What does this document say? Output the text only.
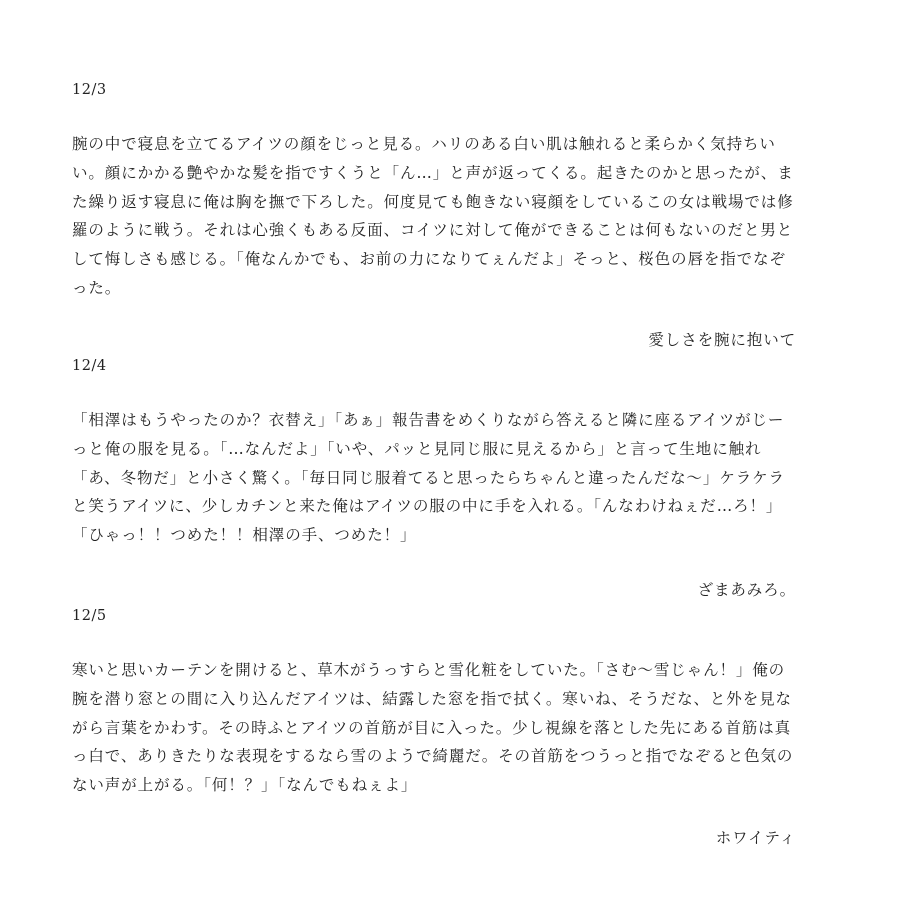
12/3

腕の中で寝息を立てるアイツの顔をじっと見る。ハリのある白い肌は触れると柔らかく気持ちいい。顔にかかる艶やかな髪を指ですくうと「ん…」と声が返ってくる。起きたのかと思ったが、また繰り返す寝息に俺は胸を撫で下ろした。何度見ても飽きない寝顔をしているこの女は戦場では修羅のように戦う。それは心強くもある反面、コイツに対して俺ができることは何もないのだと男として悔しさも感じる。「俺なんかでも、お前の力になりてぇんだよ」そっと、桜色の唇を指でなぞった。

愛しさを腕に抱いて
12/4

「相澤はもうやったのか？衣替え」「あぁ」報告書をめくりながら答えると隣に座るアイツがじーっと俺の服を見る。「…なんだよ」「いや、パッと見同じ服に見えるから」と言って生地に触れ「あ、冬物だ」と小さく驚く。「毎日同じ服着てると思ったらちゃんと違ったんだな〜」ケラケラと笑うアイツに、少しカチンと来た俺はアイツの服の中に手を入れる。「んなわけねぇだ…ろ！」「ひゃっ！！つめた！！相澤の手、つめた！」

ざまあみろ。
12/5

寒いと思いカーテンを開けると、草木がうっすらと雪化粧をしていた。「さむ〜雪じゃん！」俺の腕を潜り窓との間に入り込んだアイツは、結露した窓を指で拭く。寒いね、そうだな、と外を見ながら言葉をかわす。その時ふとアイツの首筋が目に入った。少し視線を落とした先にある首筋は真っ白で、ありきたりな表現をするなら雪のようで綺麗だ。その首筋をつうっと指でなぞると色気のない声が上がる。「何！？」「なんでもねぇよ」

ホワイティ
